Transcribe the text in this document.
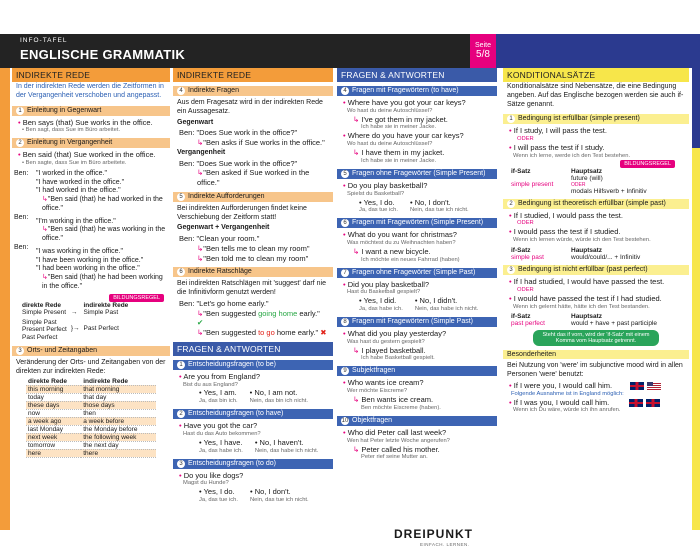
INFO-TAFEL
ENGLISCHE GRAMMATIK
Seite
5/8
INDIREKTE REDE
In der indirekten Rede werden die Zeitformen in der Vergangenheit verschoben und angepasst.
1 Einleitung in Gegenwart
• Ben says (that) Sue works in the office.
• Ben sagt, dass Sue im Büro arbeitet.
2 Einleitung in Vergangenheit
• Ben said (that) Sue worked in the office.
• Ben sagte, dass Sue im Büro arbeitete.
Ben:	"I worked in the office."
"I have worked in the office."
"I had worked in the office."
↳"Ben said (that) he had worked in the office."

Ben:	"I'm working in the office."
↳"Ben said (that) he was working in the office."

Ben:	"I was working in the office."
"I have been working in the office."
"I had been working in the office."
↳"Ben said (that) he had been working in the office."
BILDUNGSREGEL
direkte Rede		indirekte Rede
Simple Present	→	Simple Past

Simple Past
Present Perfect
Past Perfect	}→	Past Perfect
3 Orts- und Zeitangaben
Veränderung der Orts- und Zeitangaben von der direkten zur indirekten Rede:
direkte Rede	indirekte Rede
this morning	that morning
today	that day
these days	those days
now	then
a week ago	a week before
last Monday	the Monday before
next week	the following week
tomorrow	the next day
here	there
INDIREKTE REDE
4 Indirekte Fragen
Aus dem Fragesatz wird in der indirekten Rede ein Aussagesatz.
Gegenwart
Ben: "Does Sue work in the office?"
↳"Ben asks if Sue works in the office."
Vergangenheit
Ben: "Does Sue work in the office?"
↳"Ben asked if Sue worked in the office."
5 Indirekte Aufforderungen
Bei indirekten Aufforderungen findet keine Verschiebung der Zeitform statt!
Gegenwart + Vergangenheit
Ben: "Clean your room."
↳"Ben tells me to clean my room"
↳"Ben told me to clean my room"
6 Indirekte Ratschläge
Bei indirekten Ratschlägen mit 'suggest' darf nie die Infinitivform genutzt werden!
Ben: "Let's go home early."
↳"Ben suggested going home early." ✔
↳"Ben suggested to go home early." ✖
FRAGEN & ANTWORTEN
1 Entscheidungsfragen (to be)
• Are you from England?
Bist du aus England?
• Yes, I am.
Ja, das bin ich.
	• No, I am not.
Nein, das bin ich nicht.
2 Entscheidungsfragen (to have)
• Have you got the car?
Hast du das Auto bekommen?
• Yes, I have.
Ja, das habe ich.
	• No, I haven't.
Nein, das habe ich nicht.
3 Entscheidungsfragen (to do)
• Do you like dogs?
Magst du Hunde?
• Yes, I do.
Ja, das tue ich.
	• No, I don't.
Nein, das tue ich nicht.
FRAGEN & ANTWORTEN
4 Fragen mit Fragewörtern (to have)
• Where have you got your car keys?
Wo hast du deine Autoschlüssel?
↳ I've got them in my jacket.
Ich habe sie in meiner Jacke.
• Where do you have your car keys?
Wo hast du deine Autoschlüssel?
↳ I have them in my jacket.
Ich habe sie in meiner Jacke.
5 Fragen ohne Fragewörter (Simple Present)
• Do you play basketball?
Spielst du Basketball?
• Yes, I do.
Ja, das tue ich.
	• No, I don't.
Nein, das tue ich nicht.
6 Fragen mit Fragewörtern (Simple Present)
• What do you want for christmas?
Was möchtest du zu Weihnachten haben?
↳ I want a new bicycle.
Ich möchte ein neues Fahrrad (haben)
7 Fragen ohne Fragewörter (Simple Past)
• Did you play basketball?
Hast du Basketball gespielt?
• Yes, I did.
Ja, das habe ich.
	• No, I didn't.
Nein, das habe ich nicht.
8 Fragen mit Fragewörtern (Simple Past)
• What did you play yesterday?
Was hast du gestern gespielt?
↳ I played basketball.
Ich habe Basketball gespielt.
9 Subjektfragen
• Who wants ice cream?
Wer möchte Eiscreme?
↳ Ben wants ice cream.
Ben möchte Eiscreme (haben).
10 Objektfragen
• Who did Peter call last week?
Wen hat Peter letzte Woche angerufen?
↳ Peter called his mother.
Peter rief seine Mutter an.
KONDITIONALSÄTZE
Konditionalsätze sind Nebensätze, die eine Bedingung angeben. Auf das Englische bezogen werden sie auch if-Sätze genannt.
1 Bedingung ist erfüllbar (simple present)
• If I study, I will pass the test.
ODER
• I will pass the test if I study.
Wenn ich lerne, werde ich den Test bestehen.
BILDUNGSREGEL
if-Satz	Hauptsatz
simple present	future (will)
ODER
modals Hilfsverb + Infinitiv
2 Bedingung ist theoretisch erfüllbar (simple past)
• If I studied, I would pass the test.
ODER
• I would pass the test if I studied.
Wenn ich lernen würde, würde ich den Test bestehen.
if-Satz	Hauptsatz
simple past	would/could/... + Infinitiv
3 Bedingung ist nicht erfüllbar (past perfect)
• If I had studied, I would have passed the test.
ODER
• I would have passed the test if I had studied.
Wenn ich gelernt hätte, hätte ich den Test bestanden.
if-Satz	Hauptsatz
past perfect	would + have + past participle
Steht das if vorn, wird der 'if-Satz' mit einem Komma vom Hauptsatz getrennt.
Besonderheiten
Bei Nutzung von 'were' im subjunctive mood wird in allen Personen 'were' benutzt:
• If I were you, I would call him.
Folgende Ausnahme ist in England möglich:
• If I was you, I would call him.
Wenn ich Du wäre, würde ich ihn anrufen.
DREIPUNKT
EINFACH. LERNEN.
